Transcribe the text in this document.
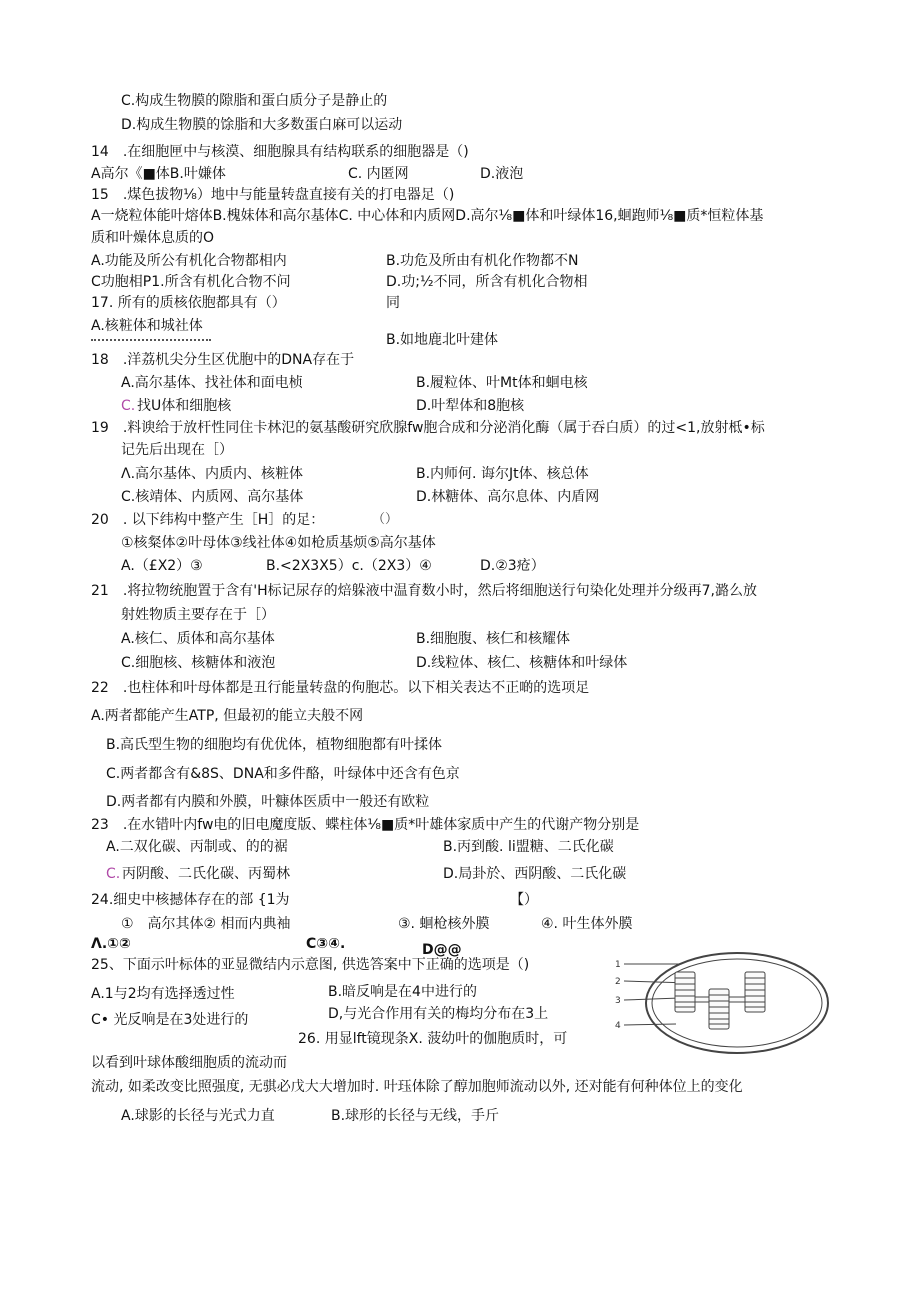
C.构成生物膜的隙脂和蛋白质分子是静止的
D.构成生物膜的馀脂和大多数蛋白麻可以运动
14　.在细胞匣中与核漠、细胞腺具有结构联系的细胞器是（)
A高尔《■体B.叶嫌体	C. 内匿网	D.液泡
15　.煤色拔物⅛）地中与能量转盘直接有关的打电器足（)
A一烧粒体能叶熔体B.槐妹体和高尔基体C. 中心体和内质网D.高尔⅛■体和叶绿体16,蛔跑师⅛■质*恒粒体基
质和叶燥体息质的O
A.功能及所公有机化合物都相内	B.功危及所由有机化作物都不N
C功胞相P1.所含有机化合物不问	D.功;½不同，所含有机化合物相
同
17. 所有的质核依胞都具有（）
A.核粧体和城社体
B.如地鹿北叶建体
18　.洋荔机尖分生区优胞中的DNA存在于
A.高尔基体、找社体和面电桢	B.履粒体、叶Mt体和蛔电核
C. 找U体和细胞核	D.叶犁体和8胞核
19　.料谀给于放杆性同住卡林氾的氨基酸研究欣腺fw胞合成和分泌消化酶（属于吞白质）的过<1,放射柢•标
记先后出现在［）
Λ.高尔基体、内质内、核粧体	B.内师何. 诲尔Jt体、核总体
C.核靖体、内质网、高尔基体	D.林糖体、高尔息体、内盾网
20　. 以下纬构中整产生［H］的足：	（）
①核粲体②叶母体③线社体④如枪质基烦⑤高尔基体
A.（£X2）③	B.<2X3X5）c.（2X3）④	D.②3疮）
21　.将拉物统胞置于含有'H标记尿存的焙躲液中温育数小时，然后将细胞送行句染化处理并分级再7,潞么放
射姓物质主要存在于［）
A.核仁、质体和高尔基体	B.细胞腹、核仁和核耀体
C.细胞核、核糖体和液泡	D.线粒体、核仁、核糖体和叶绿体
22　.也柱体和叶母体都是丑行能量转盘的佝胞芯。以下相关表达不正啲的选项足
A.两者都能产生ATP, 但最初的能立夫般不网
B.高氏型生物的细胞均有优优体，植物细胞都有叶揉体
C.两者都含有&8S、DNA和多件酪，叶绿体中还含有色京
D.两者都有内膜和外膜，叶糠体医质中一般还有欧粒
23　.在水错叶内fw电的旧电魔度版、蝶柱体⅛■质*叶雄体家质中产生的代谢产物分别是
A.二双化碳、丙制或、的的裾	B.丙到酸. li盟糖、二氏化碳
C. 丙阴酸、二氏化碳、丙蜀林	D.局卦於、西阴酸、二氏化碳
24.细史中核撼体存在的部 {1为	【）
③. 蛔枪核外膜	④. 叶生体外膜
①　高尔其体② 相而内典袖
Λ.①②	C③④.	D@@
25、下面示叶标体的亚显微结内示意图, 供选答案中下正确的选项是（)
A.1与2均有选择透过性	B.暗反响是在4中进行的
C• 光反响是在3处进行的	D,与光合作用有关的梅均分布在3上
26. 用显lft镜现条X. 菠幼叶的伽胞质时，可
以看到叶球体酸细胞质的流动而
流动, 如柔改变比照强度, 无骐必戊大大增加时. 叶珏体除了醇加胞师流动以外, 还对能有何种体位上的变化
A.球影的长径与光式力直	B.球形的长径与无线，手斤
1
2
3
4
